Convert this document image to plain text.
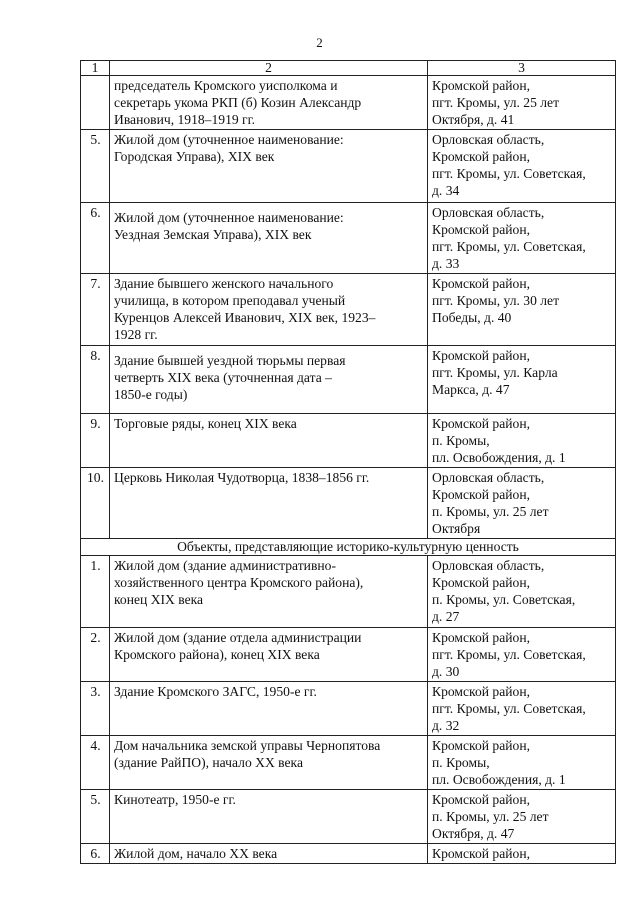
2
1	2	3
	председатель Кромского уисполкома и
секретарь укома РКП (б) Козин Александр
Иванович, 1918–1919 гг.	Кромской район,
пгт. Кромы, ул. 25 лет
Октября, д. 41
5.	Жилой дом (уточненное наименование:
Городская Управа), XIX век	Орловская область,
Кромской район,
пгт. Кромы, ул. Советская,
д. 34
6.	Жилой дом (уточненное наименование:
Уездная Земская Управа), XIX век	Орловская область,
Кромской район,
пгт. Кромы, ул. Советская,
д. 33
7.	Здание бывшего женского начального
училища, в котором преподавал ученый
Куренцов Алексей Иванович, XIX век, 1923–
1928 гг.	Кромской район,
пгт. Кромы, ул. 30 лет
Победы, д. 40
8.	Здание бывшей уездной тюрьмы первая
четверть XIX века (уточненная дата –
1850-е годы)	Кромской район,
пгт. Кромы, ул. Карла
Маркса, д. 47
9.	Торговые ряды, конец XIX века	Кромской район,
п. Кромы,
пл. Освобождения, д. 1
10.	Церковь Николая Чудотворца, 1838–1856 гг.	Орловская область,
Кромской район,
п. Кромы, ул. 25 лет
Октября
Объекты, представляющие историко-культурную ценность		
1.	Жилой дом (здание административно-
хозяйственного центра Кромского района),
конец XIX века	Орловская область,
Кромской район,
п. Кромы, ул. Советская,
д. 27
2.	Жилой дом (здание отдела администрации
Кромского района), конец XIX века	Кромской район,
пгт. Кромы, ул. Советская,
д. 30
3.	Здание Кромского ЗАГС, 1950-е гг.	Кромской район,
пгт. Кромы, ул. Советская,
д. 32
4.	Дом начальника земской управы Чернопятова
(здание РайПО), начало XX века	Кромской район,
п. Кромы,
пл. Освобождения, д. 1
5.	Кинотеатр, 1950-е гг.	Кромской район,
п. Кромы, ул. 25 лет
Октября, д. 47
6.	Жилой дом, начало XX века	Кромской район,
